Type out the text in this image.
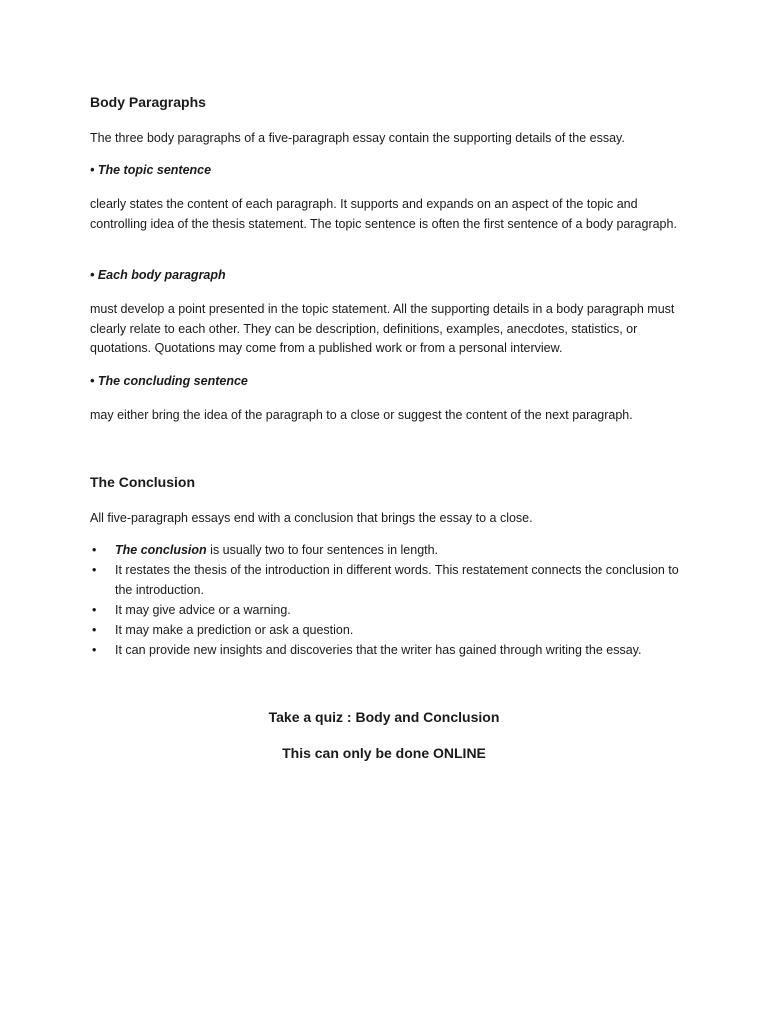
Body Paragraphs

The three body paragraphs of a five-paragraph essay contain the supporting details of the essay.

• The topic sentence

clearly states the content of each paragraph. It supports and expands on an aspect of the topic and controlling idea of the thesis statement. The topic sentence is often the first sentence of a body paragraph.

• Each body paragraph

must develop a point presented in the topic statement. All the supporting details in a body paragraph must clearly relate to each other. They can be description, definitions, examples, anecdotes, statistics, or quotations. Quotations may come from a published work or from a personal interview.

• The concluding sentence

may either bring the idea of the paragraph to a close or suggest the content of the next paragraph.

The Conclusion

All five-paragraph essays end with a conclusion that brings the essay to a close.

• The conclusion is usually two to four sentences in length.
• It restates the thesis of the introduction in different words. This restatement connects the conclusion to the introduction.
• It may give advice or a warning.
• It may make a prediction or ask a question.
• It can provide new insights and discoveries that the writer has gained through writing the essay.

Take a quiz : Body and Conclusion

This can only be done ONLINE
